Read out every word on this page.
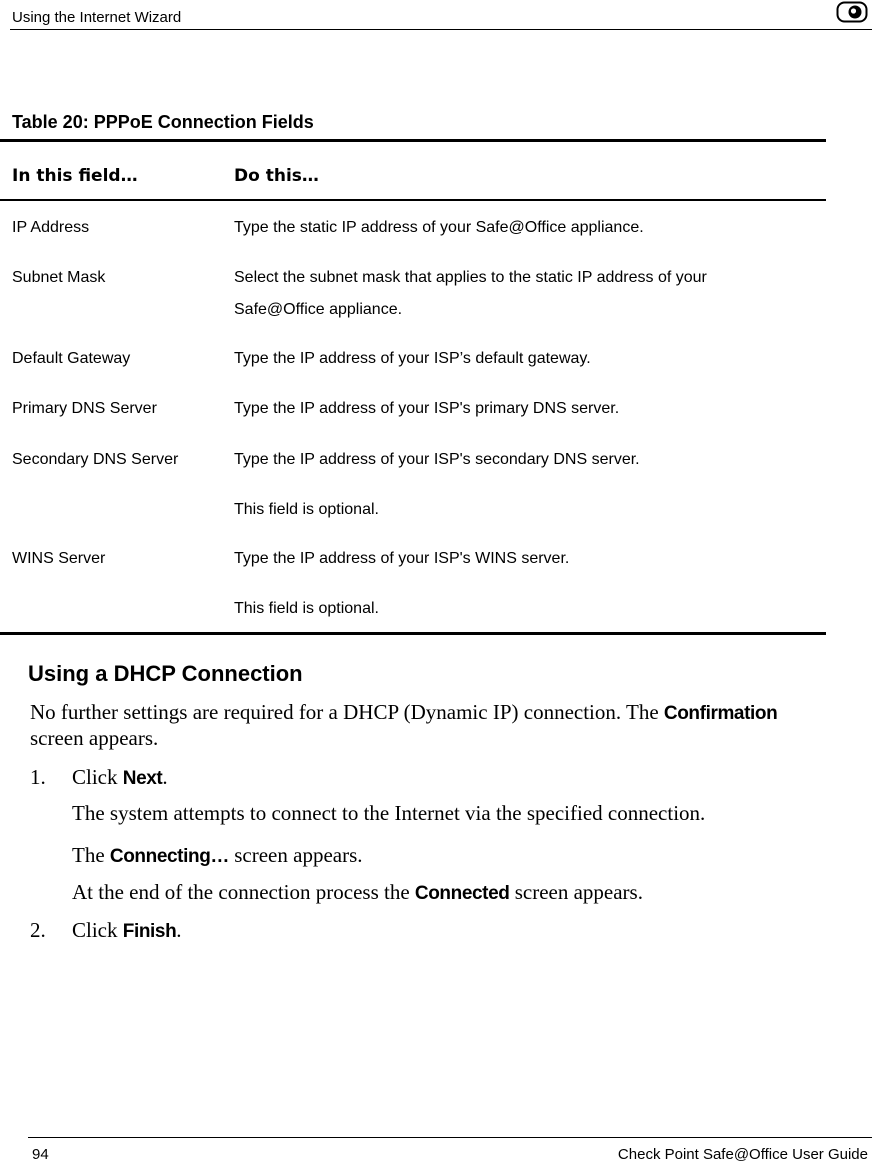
Using the Internet Wizard
Table 20: PPPoE Connection Fields
In this field…	Do this…
IP Address	Type the static IP address of your Safe@Office appliance.
Subnet Mask	Select the subnet mask that applies to the static IP address of your
Safe@Office appliance.
Default Gateway	Type the IP address of your ISP’s default gateway.
Primary DNS Server	Type the IP address of your ISP's primary DNS server.
Secondary DNS Server	Type the IP address of your ISP's secondary DNS server.
This field is optional.
WINS Server	Type the IP address of your ISP's WINS server.
This field is optional.
Using a DHCP Connection
No further settings are required for a DHCP (Dynamic IP) connection. The Confirmation
screen appears.
1. Click Next.
The system attempts to connect to the Internet via the specified connection.
The Connecting… screen appears.
At the end of the connection process the Connected screen appears.
2. Click Finish.
94	Check Point Safe@Office User Guide
